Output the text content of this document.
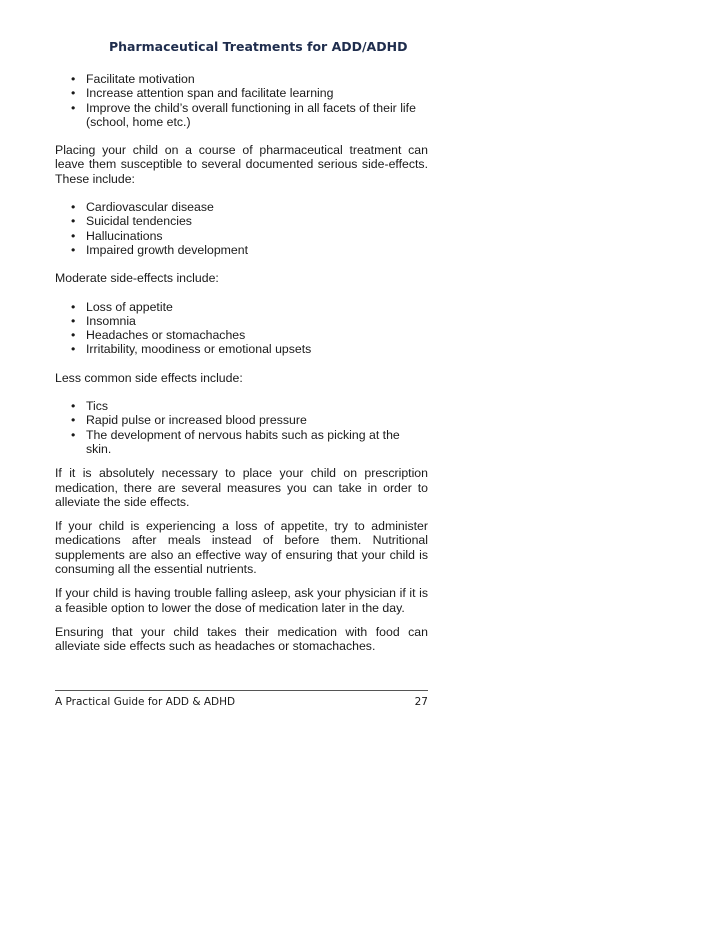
Pharmaceutical Treatments for ADD/ADHD
• Facilitate motivation
• Increase attention span and facilitate learning
• Improve the child’s overall functioning in all facets of their life (school, home etc.)

Placing your child on a course of pharmaceutical treatment can leave them susceptible to several documented serious side-effects. These include:

• Cardiovascular disease
• Suicidal tendencies
• Hallucinations
• Impaired growth development

Moderate side-effects include:

• Loss of appetite
• Insomnia
• Headaches or stomachaches
• Irritability, moodiness or emotional upsets

Less common side effects include:

• Tics
• Rapid pulse or increased blood pressure
• The development of nervous habits such as picking at the skin.

If it is absolutely necessary to place your child on prescription medication, there are several measures you can take in order to alleviate the side effects.

If your child is experiencing a loss of appetite, try to administer medications after meals instead of before them. Nutritional supplements are also an effective way of ensuring that your child is consuming all the essential nutrients.

If your child is having trouble falling asleep, ask your physician if it is a feasible option to lower the dose of medication later in the day.

Ensuring that your child takes their medication with food can alleviate side effects such as headaches or stomachaches.

A Practical Guide for ADD & ADHD	27
